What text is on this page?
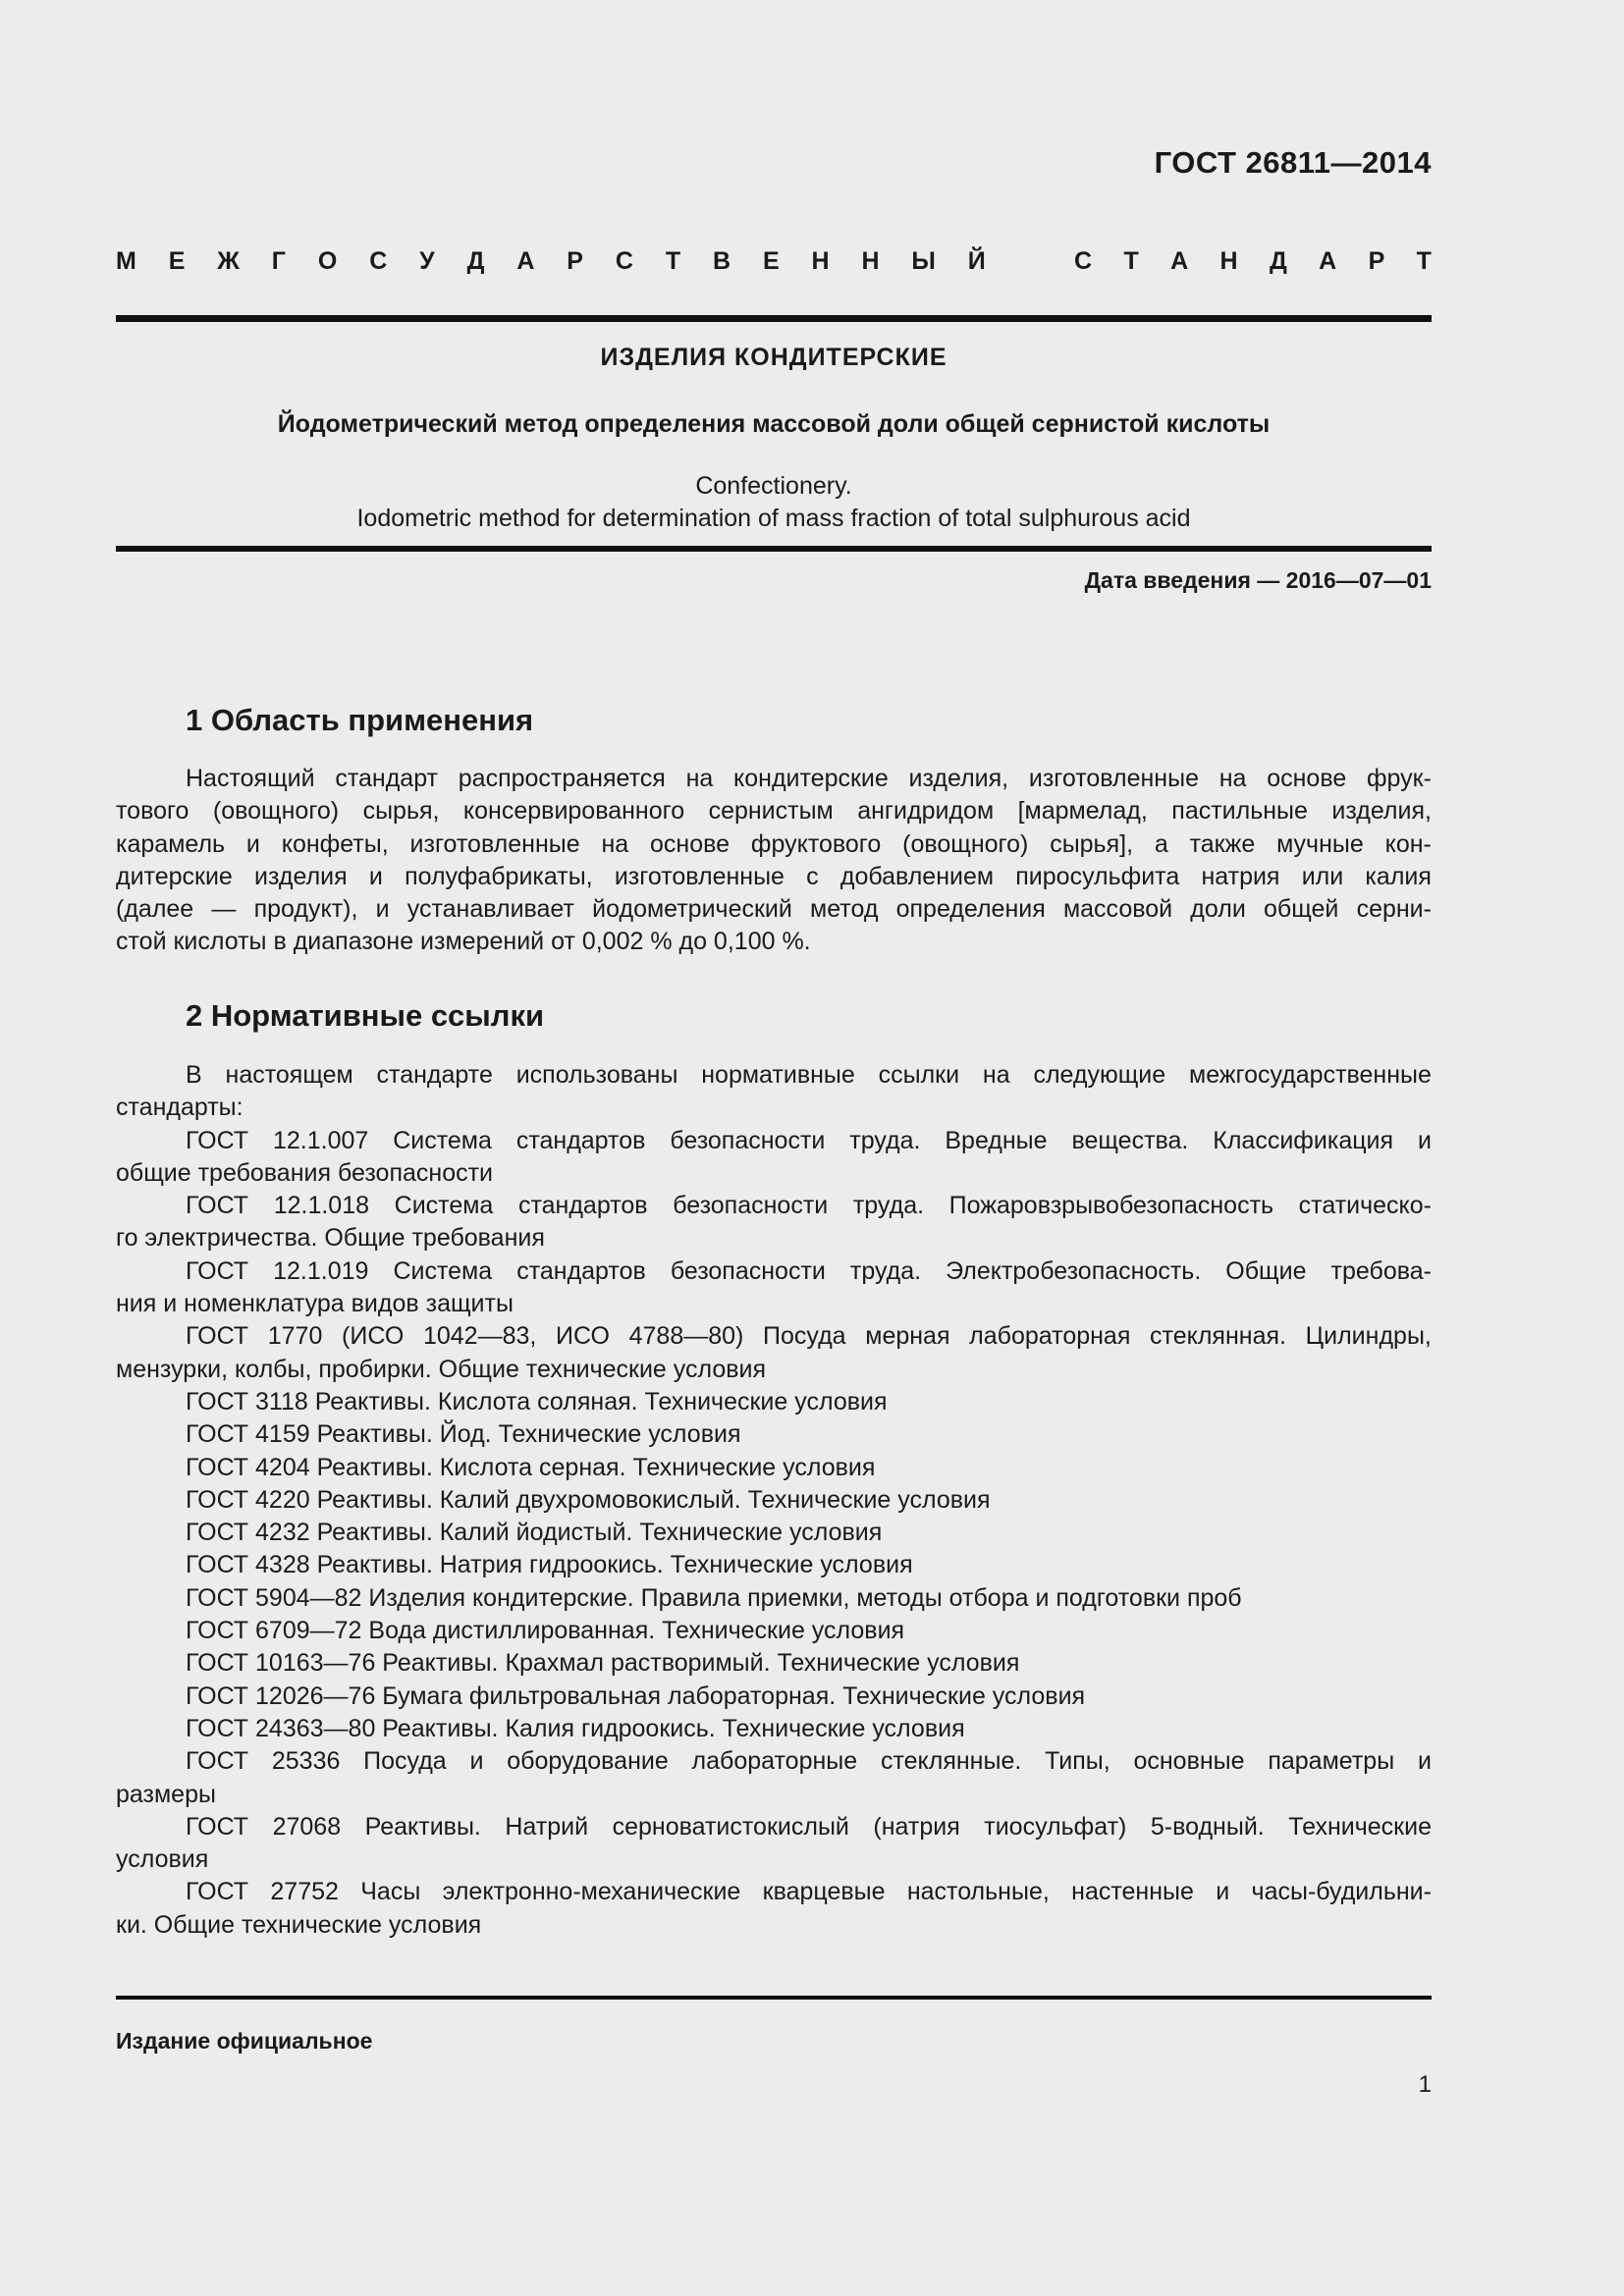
ГОСТ 26811—2014
М Е Ж Г О С У Д А Р С Т В Е Н Н Ы Й	С Т А Н Д А Р Т
ИЗДЕЛИЯ КОНДИТЕРСКИЕ
Йодометрический метод определения массовой доли общей сернистой кислоты
Confectionery.
Iodometric method for determination of mass fraction of total sulphurous acid
Дата введения — 2016—07—01
1 Область применения
Настоящий стандарт распространяется на кондитерские изделия, изготовленные на основе фрук-
тового (овощного) сырья, консервированного сернистым ангидридом [мармелад, пастильные изделия,
карамель и конфеты, изготовленные на основе фруктового (овощного) сырья], а также мучные кон-
дитерские изделия и полуфабрикаты, изготовленные с добавлением пиросульфита натрия или калия
(далее — продукт), и устанавливает йодометрический метод определения массовой доли общей серни-
стой кислоты в диапазоне измерений от 0,002 % до 0,100 %.
2 Нормативные ссылки
В настоящем стандарте использованы нормативные ссылки на следующие межгосударственные
стандарты:
ГОСТ 12.1.007 Система стандартов безопасности труда. Вредные вещества. Классификация и
общие требования безопасности
ГОСТ 12.1.018 Система стандартов безопасности труда. Пожаровзрывобезопасность статическо-
го электричества. Общие требования
ГОСТ 12.1.019 Система стандартов безопасности труда. Электробезопасность. Общие требова-
ния и номенклатура видов защиты
ГОСТ 1770 (ИСО 1042—83, ИСО 4788—80) Посуда мерная лабораторная стеклянная. Цилиндры,
мензурки, колбы, пробирки. Общие технические условия
ГОСТ 3118 Реактивы. Кислота соляная. Технические условия
ГОСТ 4159 Реактивы. Йод. Технические условия
ГОСТ 4204 Реактивы. Кислота серная. Технические условия
ГОСТ 4220 Реактивы. Калий двухромовокислый. Технические условия
ГОСТ 4232 Реактивы. Калий йодистый. Технические условия
ГОСТ 4328 Реактивы. Натрия гидроокись. Технические условия
ГОСТ 5904—82 Изделия кондитерские. Правила приемки, методы отбора и подготовки проб
ГОСТ 6709—72 Вода дистиллированная. Технические условия
ГОСТ 10163—76 Реактивы. Крахмал растворимый. Технические условия
ГОСТ 12026—76 Бумага фильтровальная лабораторная. Технические условия
ГОСТ 24363—80 Реактивы. Калия гидроокись. Технические условия
ГОСТ 25336 Посуда и оборудование лабораторные стеклянные. Типы, основные параметры и
размеры
ГОСТ 27068 Реактивы. Натрий серноватистокислый (натрия тиосульфат) 5-водный. Технические
условия
ГОСТ 27752 Часы электронно-механические кварцевые настольные, настенные и часы-будильни-
ки. Общие технические условия
Издание официальное
1
